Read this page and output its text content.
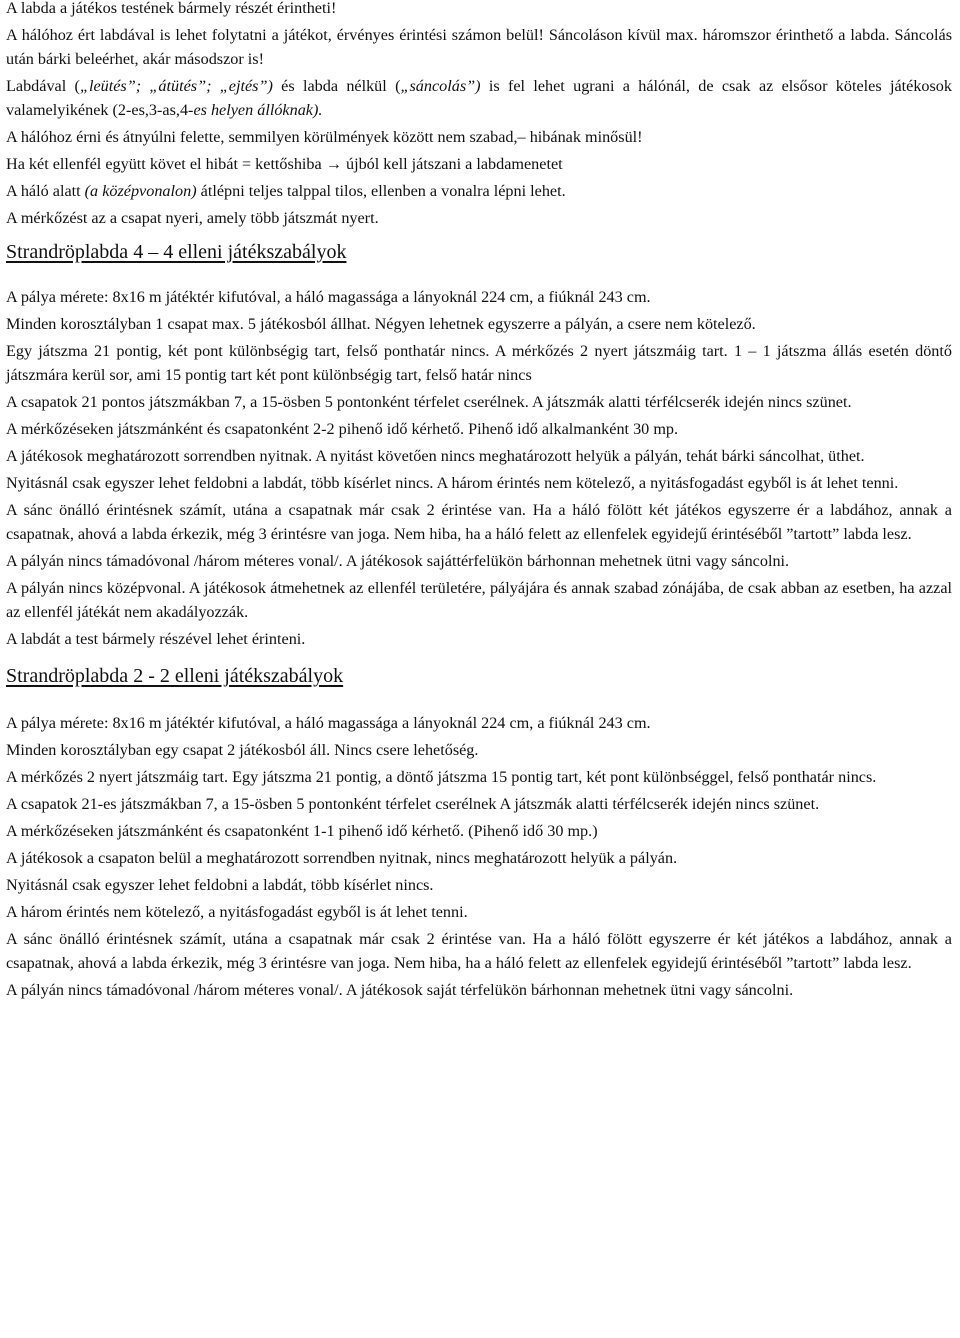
A labda a játékos testének bármely részét érintheti!

A hálóhoz ért labdával is lehet folytatni a játékot, érvényes érintési számon belül! Sáncoláson kívül max. háromszor érinthető a labda. Sáncolás után bárki beleérhet, akár másodszor is!

Labdával („leütés”; „átütés”; „ejtés”) és labda nélkül („sáncolás”) is fel lehet ugrani a hálónál, de csak az elsősor köteles játékosok valamelyikének (2-es,3-as,4-es helyen állóknak).

A hálóhoz érni és átnyúlni felette, semmilyen körülmények között nem szabad,– hibának minősül!

Ha két ellenfél együtt követ el hibát = kettőshiba → újból kell játszani a labdamenetet

A háló alatt (a középvonalon) átlépni teljes talppal tilos, ellenben a vonalra lépni lehet.

A mérkőzést az a csapat nyeri, amely több játszmát nyert.

Strandröplabda 4 – 4 elleni játékszabályok

A pálya mérete: 8x16 m játéktér kifutóval, a háló magassága a lányoknál 224 cm, a fiúknál 243 cm.

Minden korosztályban 1 csapat max. 5 játékosból állhat. Négyen lehetnek egyszerre a pályán, a csere nem kötelező.

Egy játszma 21 pontig, két pont különbségig tart, felső ponthatár nincs. A mérkőzés 2 nyert játszmáig tart. 1 – 1 játszma állás esetén döntő játszmára kerül sor, ami 15 pontig tart két pont különbségig tart, felső határ nincs

A csapatok 21 pontos játszmákban 7, a 15-ösben 5 pontonként térfelet cserélnek. A játszmák alatti térfélcserék idején nincs szünet.

A mérkőzéseken játszmánként és csapatonként 2-2 pihenő idő kérhető. Pihenő idő alkalmanként 30 mp.

A játékosok meghatározott sorrendben nyitnak. A nyitást követően nincs meghatározott helyük a pályán, tehát bárki sáncolhat, üthet.

Nyitásnál csak egyszer lehet feldobni a labdát, több kísérlet nincs. A három érintés nem kötelező, a nyitásfogadást egyből is át lehet tenni.

A sánc önálló érintésnek számít, utána a csapatnak már csak 2 érintése van. Ha a háló fölött két játékos egyszerre ér a labdához, annak a csapatnak, ahová a labda érkezik, még 3 érintésre van joga. Nem hiba, ha a háló felett az ellenfelek egyidejű érintéséből ”tartott” labda lesz.

A pályán nincs támadóvonal /három méteres vonal/. A játékosok sajáttérfelükön bárhonnan mehetnek ütni vagy sáncolni.

A pályán nincs középvonal. A játékosok átmehetnek az ellenfél területére, pályájára és annak szabad zónájába, de csak abban az esetben, ha azzal az ellenfél játékát nem akadályozzák.

A labdát a test bármely részével lehet érinteni.

Strandröplabda 2 - 2 elleni játékszabályok

A pálya mérete: 8x16 m játéktér kifutóval, a háló magassága a lányoknál 224 cm, a fiúknál 243 cm.

Minden korosztályban egy csapat 2 játékosból áll. Nincs csere lehetőség.

A mérkőzés 2 nyert játszmáig tart. Egy játszma 21 pontig, a döntő játszma 15 pontig tart, két pont különbséggel, felső ponthatár nincs.

A csapatok 21-es játszmákban 7, a 15-ösben 5 pontonként térfelet cserélnek A játszmák alatti térfélcserék idején nincs szünet.

A mérkőzéseken játszmánként és csapatonként 1-1 pihenő idő kérhető. (Pihenő idő 30 mp.)

A játékosok a csapaton belül a meghatározott sorrendben nyitnak, nincs meghatározott helyük a pályán.

Nyitásnál csak egyszer lehet feldobni a labdát, több kísérlet nincs.

A három érintés nem kötelező, a nyitásfogadást egyből is át lehet tenni.

A sánc önálló érintésnek számít, utána a csapatnak már csak 2 érintése van. Ha a háló fölött egyszerre ér két játékos a labdához, annak a csapatnak, ahová a labda érkezik, még 3 érintésre van joga. Nem hiba, ha a háló felett az ellenfelek egyidejű érintéséből ”tartott” labda lesz.

A pályán nincs támadóvonal /három méteres vonal/. A játékosok saját térfelükön bárhonnan mehetnek ütni vagy sáncolni.
